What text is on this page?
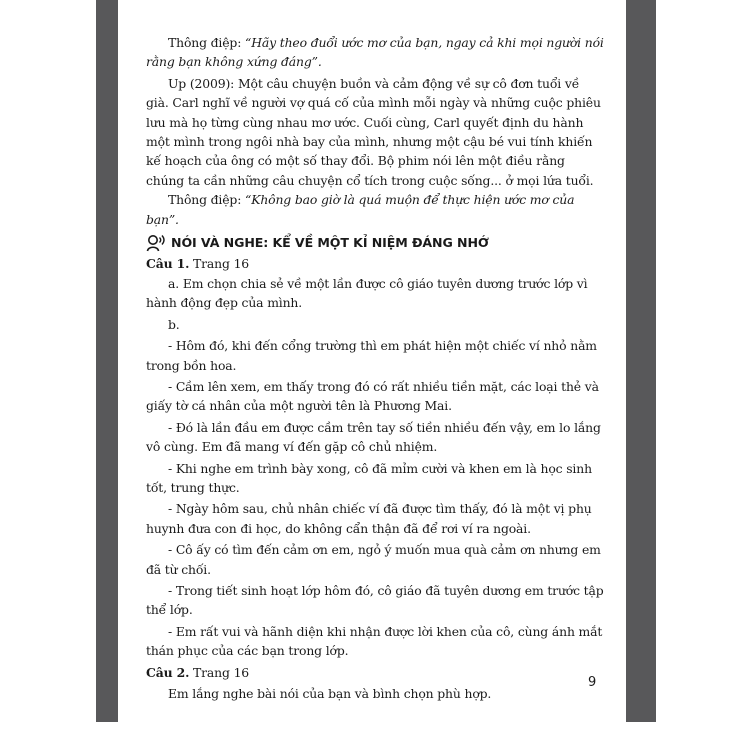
Thông điệp: “Hãy theo đuổi ước mơ của bạn, ngay cả khi mọi người nói rằng bạn không xứng đáng”.

Up (2009): Một câu chuyện buồn và cảm động về sự cô đơn tuổi về già. Carl nghĩ về người vợ quá cố của mình mỗi ngày và những cuộc phiêu lưu mà họ từng cùng nhau mơ ước. Cuối cùng, Carl quyết định du hành một mình trong ngôi nhà bay của mình, nhưng một cậu bé vui tính khiến kế hoạch của ông có một số thay đổi. Bộ phim nói lên một điều rằng chúng ta cần những câu chuyện cổ tích trong cuộc sống... ở mọi lứa tuổi.

Thông điệp: “Không bao giờ là quá muộn để thực hiện ước mơ của bạn”.

NÓI VÀ NGHE: KỂ VỀ MỘT KỈ NIỆM ĐÁNG NHỚ

Câu 1. Trang 16

a. Em chọn chia sẻ về một lần được cô giáo tuyên dương trước lớp vì hành động đẹp của mình.

b.

- Hôm đó, khi đến cổng trường thì em phát hiện một chiếc ví nhỏ nằm trong bồn hoa.

- Cầm lên xem, em thấy trong đó có rất nhiều tiền mặt, các loại thẻ và giấy tờ cá nhân của một người tên là Phương Mai.

- Đó là lần đầu em được cầm trên tay số tiền nhiều đến vậy, em lo lắng vô cùng. Em đã mang ví đến gặp cô chủ nhiệm.

- Khi nghe em trình bày xong, cô đã mỉm cười và khen em là học sinh tốt, trung thực.

- Ngày hôm sau, chủ nhân chiếc ví đã được tìm thấy, đó là một vị phụ huynh đưa con đi học, do không cẩn thận đã để rơi ví ra ngoài.

- Cô ấy có tìm đến cảm ơn em, ngỏ ý muốn mua quà cảm ơn nhưng em đã từ chối.

- Trong tiết sinh hoạt lớp hôm đó, cô giáo đã tuyên dương em trước tập thể lớp.

- Em rất vui và hãnh diện khi nhận được lời khen của cô, cùng ánh mắt thán phục của các bạn trong lớp.

Câu 2. Trang 16

Em lắng nghe bài nói của bạn và bình chọn phù hợp.

9
